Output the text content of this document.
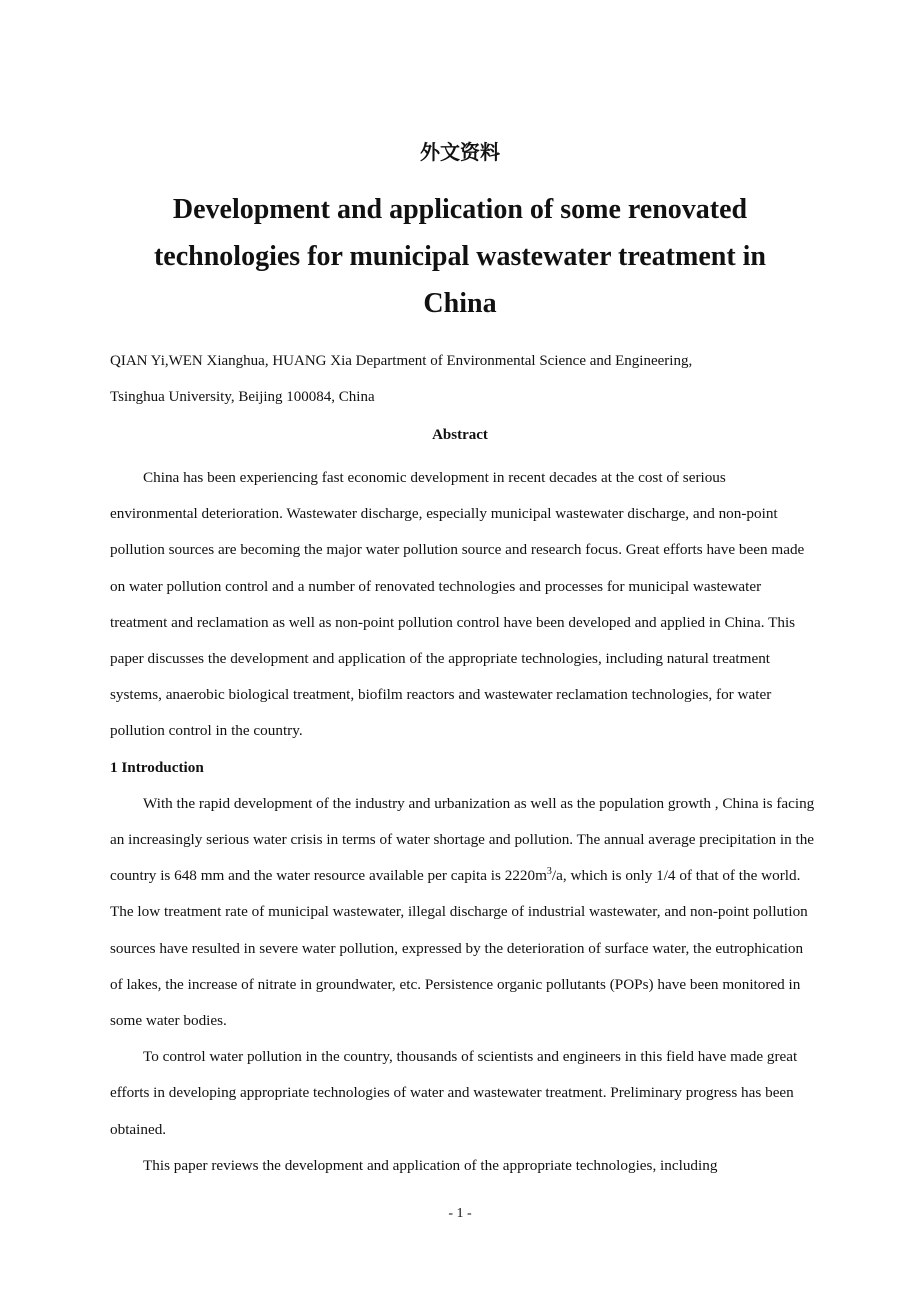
外文资料
Development and application of some renovated
technologies for municipal wastewater treatment in
China
QIAN Yi,WEN Xianghua, HUANG Xia Department of Environmental Science and Engineering,
Tsinghua University, Beijing 100084, China
Abstract

China has been experiencing fast economic development in recent decades at the cost of serious environmental deterioration. Wastewater discharge, especially municipal wastewater discharge, and non-point pollution sources are becoming the major water pollution source and research focus. Great efforts have been made on water pollution control and a number of renovated technologies and processes for municipal wastewater treatment and reclamation as well as non-point pollution control have been developed and applied in China. This paper discusses the development and application of the appropriate technologies, including natural treatment systems, anaerobic biological treatment, biofilm reactors and wastewater reclamation technologies, for water pollution control in the country.

1 Introduction

With the rapid development of the industry and urbanization as well as the population growth , China is facing an increasingly serious water crisis in terms of water shortage and pollution. The annual average precipitation in the country is 648 mm and the water resource available per capita is $2220m^3/a$, which is only 1/4 of that of the world. The low treatment rate of municipal wastewater, illegal discharge of industrial wastewater, and non-point pollution sources have resulted in severe water pollution, expressed by the deterioration of surface water, the eutrophication of lakes, the increase of nitrate in groundwater, etc. Persistence organic pollutants (POPs) have been monitored in some water bodies.

To control water pollution in the country, thousands of scientists and engineers in this field have made great efforts in developing appropriate technologies of water and wastewater treatment. Preliminary progress has been obtained.

This paper reviews the development and application of the appropriate technologies, including

- 1 -
